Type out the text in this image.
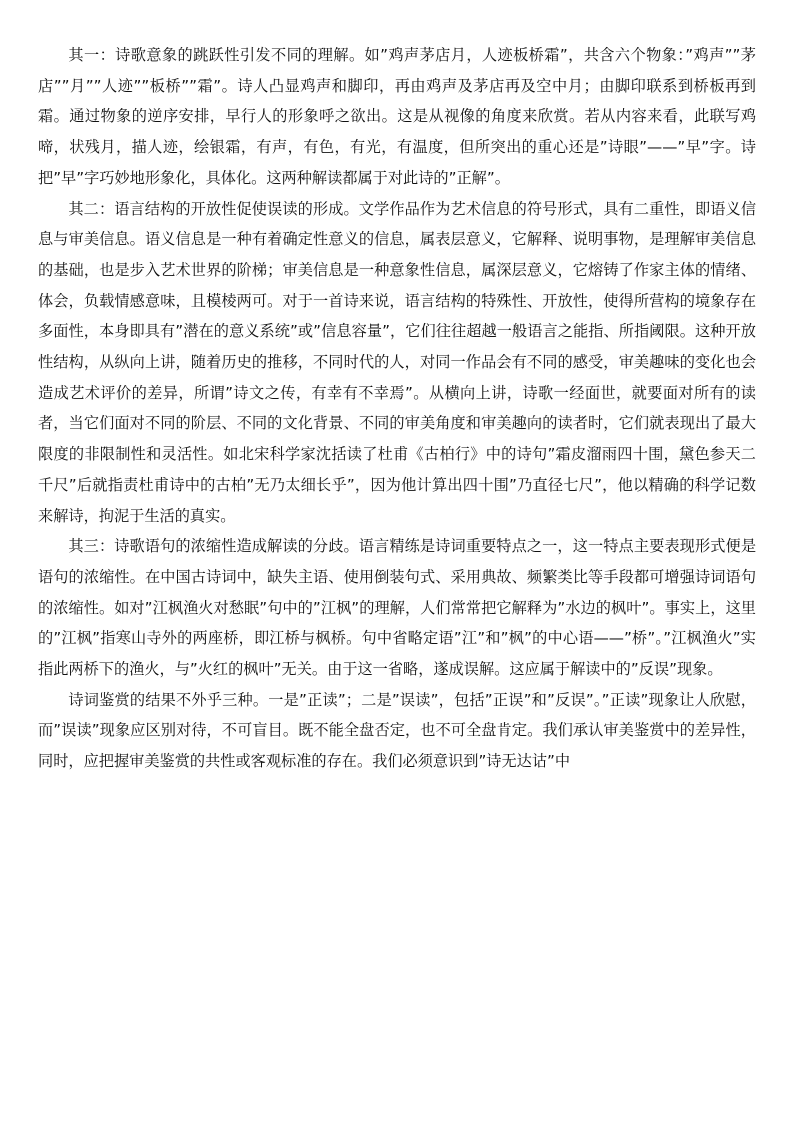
其一：诗歌意象的跳跃性引发不同的理解。如”鸡声茅店月，人迹板桥霜”，共含六个物象：”鸡声””茅店””月””人迹””板桥””霜”。诗人凸显鸡声和脚印，再由鸡声及茅店再及空中月；由脚印联系到桥板再到霜。通过物象的逆序安排，早行人的形象呼之欲出。这是从视像的角度来欣赏。若从内容来看，此联写鸡啼，状残月，描人迹，绘银霜，有声，有色，有光，有温度，但所突出的重心还是”诗眼”——”早”字。诗把”早”字巧妙地形象化，具体化。这两种解读都属于对此诗的”正解”。

其二：语言结构的开放性促使误读的形成。文学作品作为艺术信息的符号形式，具有二重性，即语义信息与审美信息。语义信息是一种有着确定性意义的信息，属表层意义，它解释、说明事物，是理解审美信息的基础，也是步入艺术世界的阶梯；审美信息是一种意象性信息，属深层意义，它熔铸了作家主体的情绪、体会，负载情感意味，且模棱两可。对于一首诗来说，语言结构的特殊性、开放性，使得所营构的境象存在多面性，本身即具有”潜在的意义系统”或”信息容量”，它们往往超越一般语言之能指、所指阈限。这种开放性结构，从纵向上讲，随着历史的推移，不同时代的人，对同一作品会有不同的感受，审美趣味的变化也会造成艺术评价的差异，所谓”诗文之传，有幸有不幸焉”。从横向上讲，诗歌一经面世，就要面对所有的读者，当它们面对不同的阶层、不同的文化背景、不同的审美角度和审美趣向的读者时，它们就表现出了最大限度的非限制性和灵活性。如北宋科学家沈括读了杜甫《古柏行》中的诗句”霜皮溜雨四十围，黛色参天二千尺”后就指责杜甫诗中的古柏”无乃太细长乎”，因为他计算出四十围”乃直径七尺”，他以精确的科学记数来解诗，拘泥于生活的真实。

其三：诗歌语句的浓缩性造成解读的分歧。语言精练是诗词重要特点之一，这一特点主要表现形式便是语句的浓缩性。在中国古诗词中，缺失主语、使用倒装句式、采用典故、频繁类比等手段都可增强诗词语句的浓缩性。如对”江枫渔火对愁眠”句中的”江枫”的理解，人们常常把它解释为”水边的枫叶”。事实上，这里的”江枫”指寒山寺外的两座桥，即江桥与枫桥。句中省略定语”江”和”枫”的中心语——”桥”。”江枫渔火”实指此两桥下的渔火，与”火红的枫叶”无关。由于这一省略，遂成误解。这应属于解读中的”反误”现象。

诗词鉴赏的结果不外乎三种。一是”正读”；二是”误读”，包括”正误”和”反误”。”正读”现象让人欣慰，而”误读”现象应区别对待，不可盲目。既不能全盘否定，也不可全盘肯定。我们承认审美鉴赏中的差异性，同时，应把握审美鉴赏的共性或客观标准的存在。我们必须意识到”诗无达诂”中
